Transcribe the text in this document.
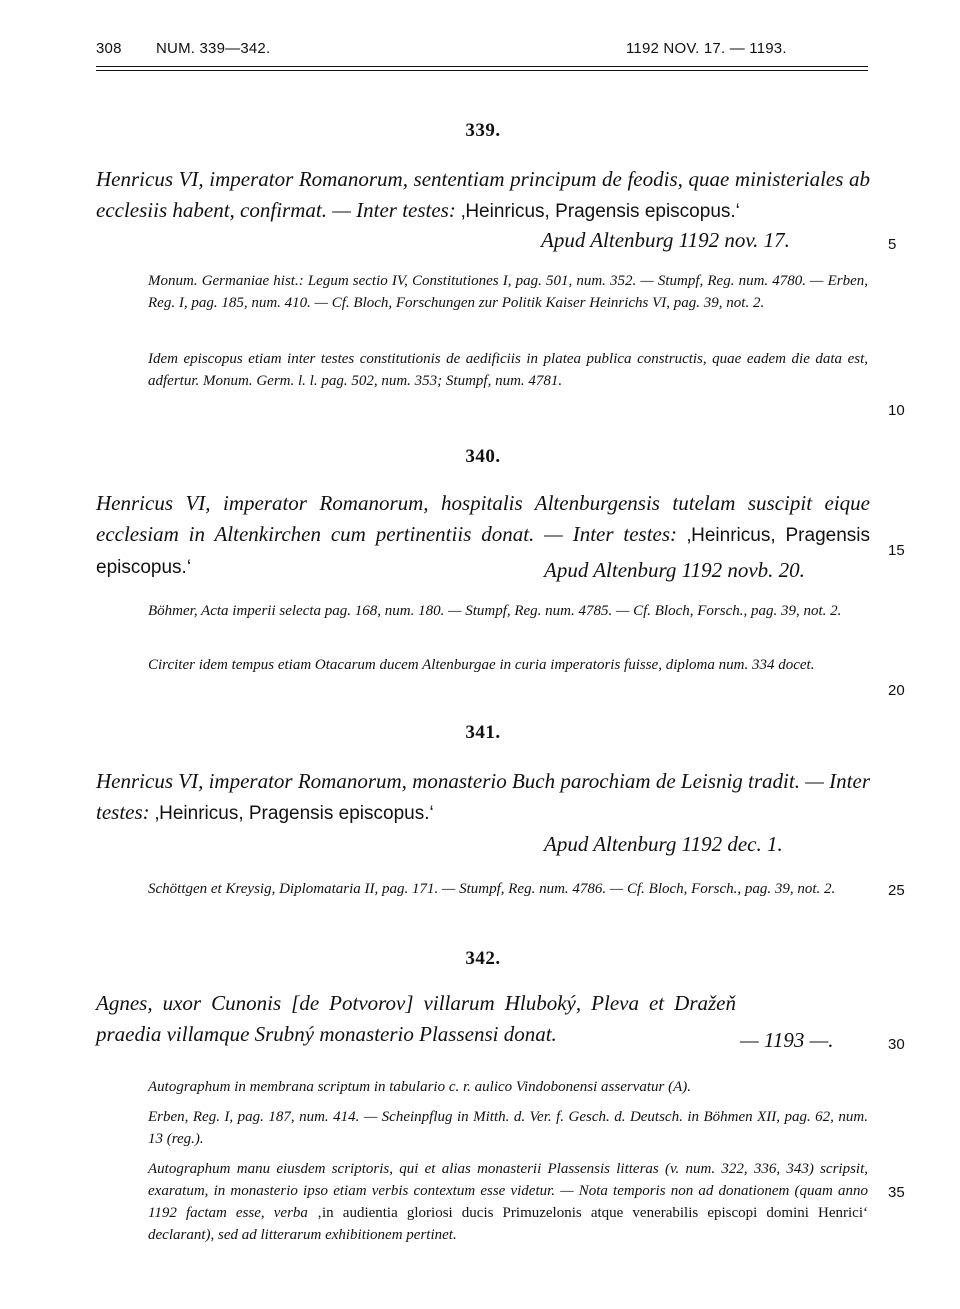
308 NUM. 339—342.	1192 NOV. 17. — 1193.
339.
Henricus VI, imperator Romanorum, sententiam principum de feodis, quae ministeriales ab ecclesiis habent, confirmat. — Inter testes: ‚Heinricus, Pragensis episcopus.‘
Apud Altenburg 1192 nov. 17.
Monum. Germaniae hist.: Legum sectio IV, Constitutiones I, pag. 501, num. 352. — Stumpf, Reg. num. 4780. — Erben, Reg. I, pag. 185, num. 410. — Cf. Bloch, Forschungen zur Politik Kaiser Heinrichs VI, pag. 39, not. 2.
Idem episcopus etiam inter testes constitutionis de aedificiis in platea publica constructis, quae eadem die data est, adfertur. Monum. Germ. l. l. pag. 502, num. 353; Stumpf, num. 4781.
340.
Henricus VI, imperator Romanorum, hospitalis Altenburgensis tutelam suscipit eique ecclesiam in Altenkirchen cum pertinentiis donat. — Inter testes: ‚Heinricus, Pragensis episcopus.‘	Apud Altenburg 1192 novb. 20.
Böhmer, Acta imperii selecta pag. 168, num. 180. — Stumpf, Reg. num. 4785. — Cf. Bloch, Forsch., pag. 39, not. 2.
Circiter idem tempus etiam Otacarum ducem Altenburgae in curia imperatoris fuisse, diploma num. 334 docet.
341.
Henricus VI, imperator Romanorum, monasterio Buch parochiam de Leisnig tradit. — Inter testes: ‚Heinricus, Pragensis episcopus.‘
Apud Altenburg 1192 dec. 1.
Schöttgen et Kreysig, Diplomataria II, pag. 171. — Stumpf, Reg. num. 4786. — Cf. Bloch, Forsch., pag. 39, not. 2.
342.
Agnes, uxor Cunonis [de Potvorov] villarum Hluboký, Pleva et Dražeň praedia villamque Srubný monasterio Plassensi donat.	— 1193 —.
Autographum in membrana scriptum in tabulario c. r. aulico Vindobonensi asservatur (A).
Erben, Reg. I, pag. 187, num. 414. — Scheinpflug in Mitth. d. Ver. f. Gesch. d. Deutsch. in Böhmen XII, pag. 62, num. 13 (reg.).
Autographum manu eiusdem scriptoris, qui et alias monasterii Plassensis litteras (v. num. 322, 336, 343) scripsit, exaratum, in monasterio ipso etiam verbis contextum esse videtur. — Nota temporis non ad donationem (quam anno 1192 factam esse, verba ‚in audientia gloriosi ducis Primuzelonis atque venerabilis episcopi domini Henrici‘ declarant), sed ad litterarum exhibitionem pertinet.
5
10
15
20
25
30
35
